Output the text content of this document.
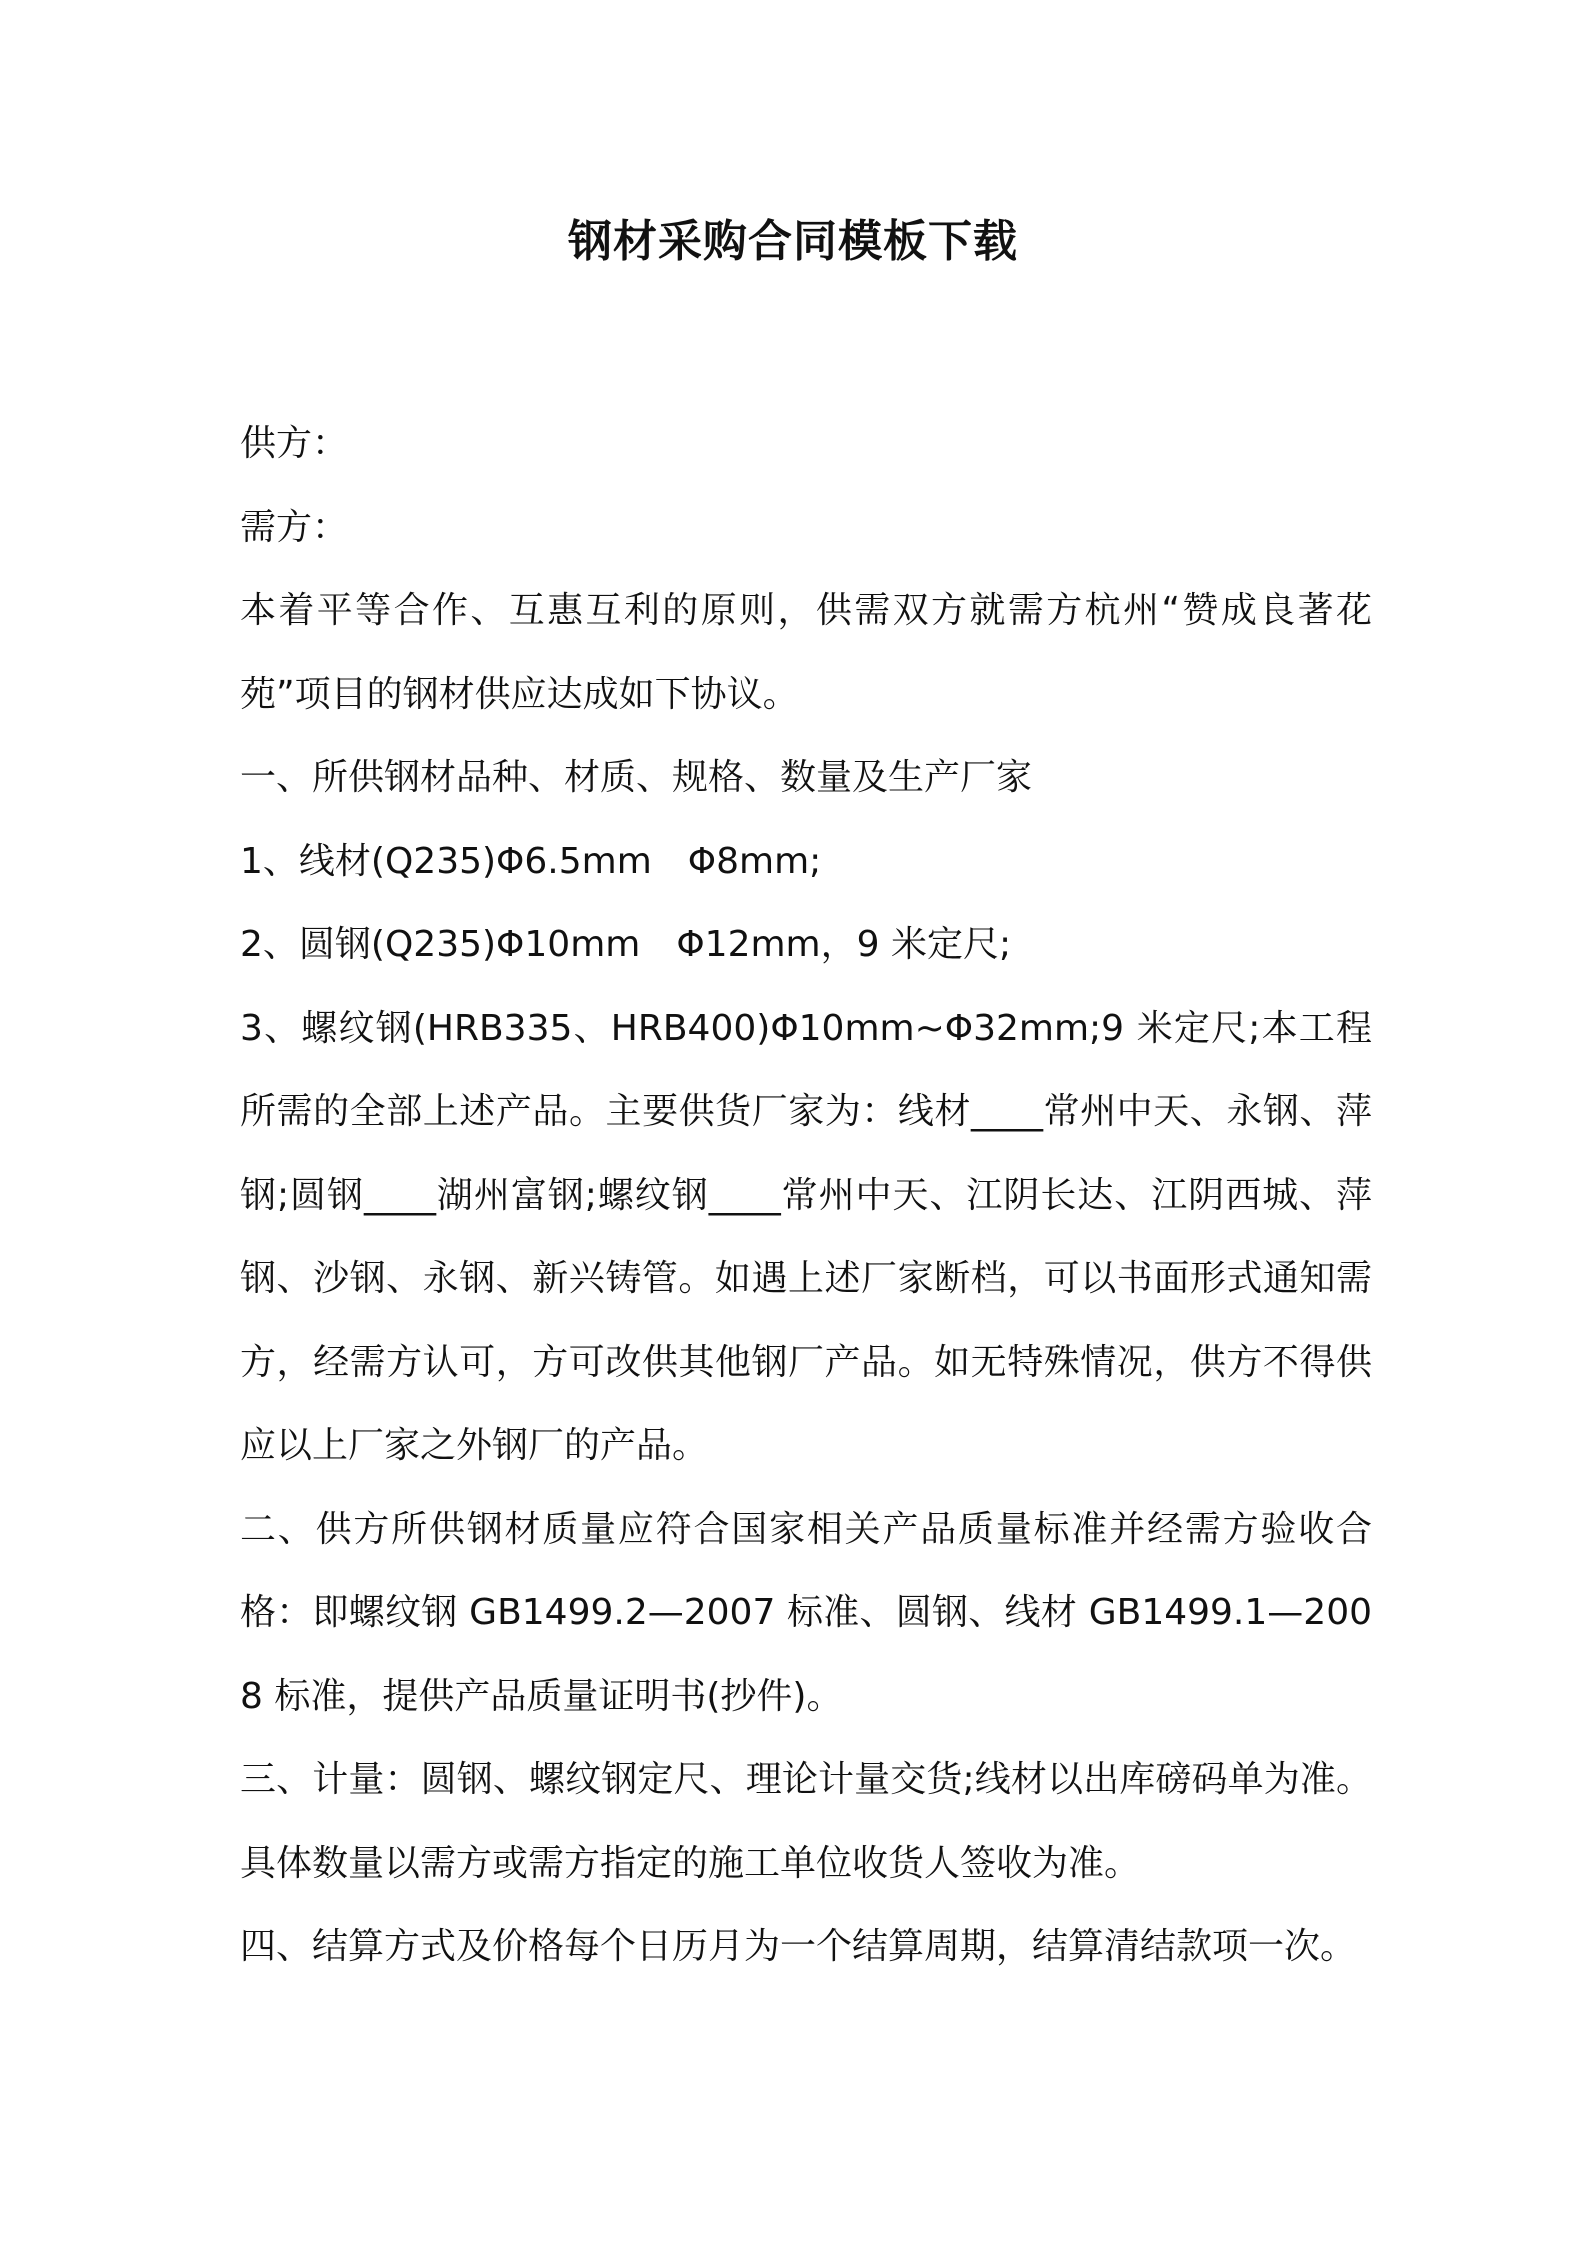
钢材采购合同模板下载

供方：

需方：

本着平等合作、互惠互利的原则，供需双方就需方杭州“赞成良著花苑”项目的钢材供应达成如下协议。

一、所供钢材品种、材质、规格、数量及生产厂家

1、线材(Q235)Φ6.5mm　Φ8mm;

2、圆钢(Q235)Φ10mm　Φ12mm，9 米定尺;

3、螺纹钢(HRB335、HRB400)Φ10mm~Φ32mm;9 米定尺;本工程所需的全部上述产品。主要供货厂家为：线材____常州中天、永钢、萍钢;圆钢____湖州富钢;螺纹钢____常州中天、江阴长达、江阴西城、萍钢、沙钢、永钢、新兴铸管。如遇上述厂家断档，可以书面形式通知需方，经需方认可，方可改供其他钢厂产品。如无特殊情况，供方不得供应以上厂家之外钢厂的产品。

二、供方所供钢材质量应符合国家相关产品质量标准并经需方验收合格：即螺纹钢 GB1499.2—2007 标准、圆钢、线材 GB1499.1—2008 标准，提供产品质量证明书(抄件)。

三、计量：圆钢、螺纹钢定尺、理论计量交货;线材以出库磅码单为准。具体数量以需方或需方指定的施工单位收货人签收为准。

四、结算方式及价格每个日历月为一个结算周期，结算清结款项一次。
